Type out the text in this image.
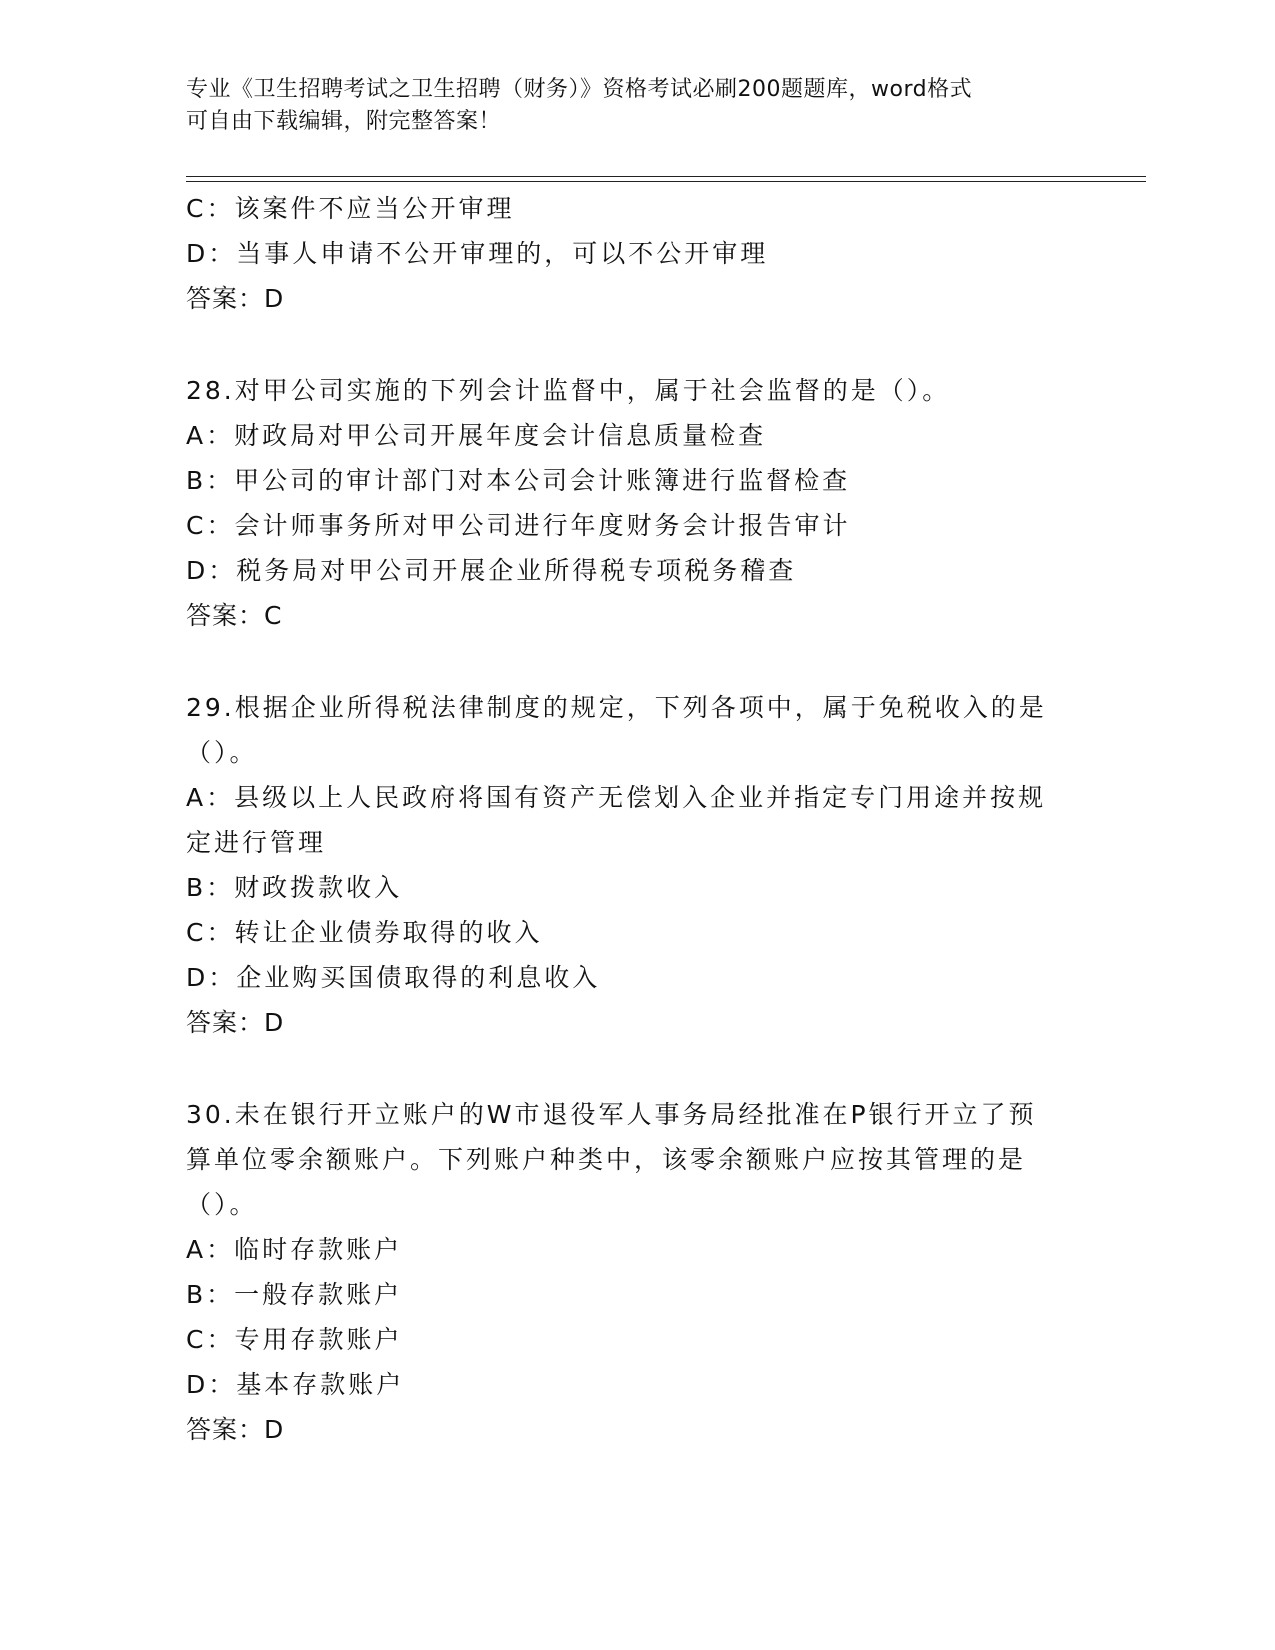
专业《卫生招聘考试之卫生招聘（财务）》资格考试必刷200题题库，word格式
可自由下载编辑，附完整答案！
C：该案件不应当公开审理
D：当事人申请不公开审理的，可以不公开审理
答案：D
28.对甲公司实施的下列会计监督中，属于社会监督的是（）。
A：财政局对甲公司开展年度会计信息质量检查
B：甲公司的审计部门对本公司会计账簿进行监督检查
C：会计师事务所对甲公司进行年度财务会计报告审计
D：税务局对甲公司开展企业所得税专项税务稽查
答案：C
29.根据企业所得税法律制度的规定，下列各项中，属于免税收入的是
（）。
A：县级以上人民政府将国有资产无偿划入企业并指定专门用途并按规
定进行管理
B：财政拨款收入
C：转让企业债券取得的收入
D：企业购买国债取得的利息收入
答案：D
30.未在银行开立账户的W市退役军人事务局经批准在P银行开立了预
算单位零余额账户。下列账户种类中，该零余额账户应按其管理的是
（）。
A：临时存款账户
B：一般存款账户
C：专用存款账户
D：基本存款账户
答案：D
